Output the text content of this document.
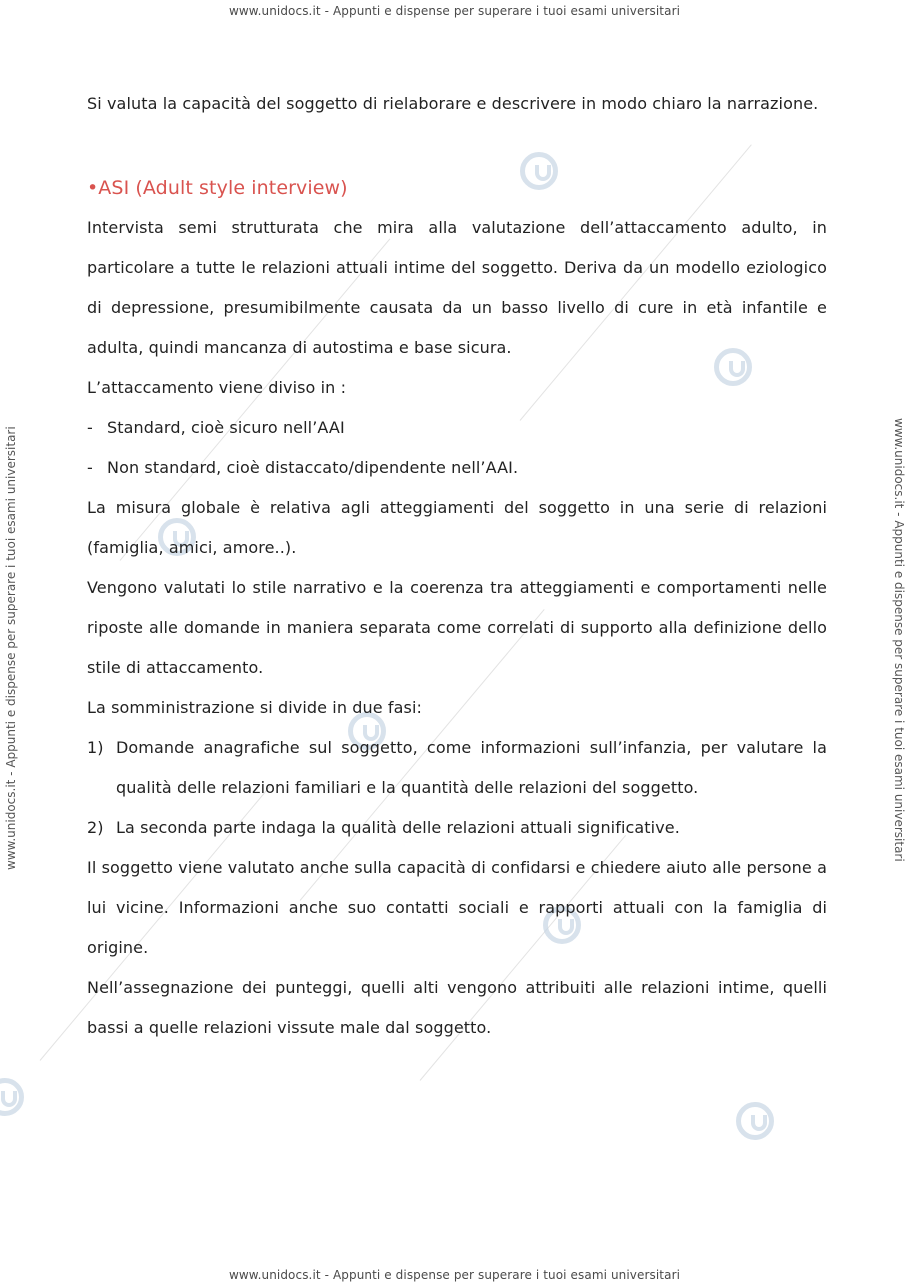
www.unidocs.it - Appunti e dispense per superare i tuoi esami universitari
www.unidocs.it - Appunti e dispense per superare i tuoi esami universitari
www.unidocs.it - Appunti e dispense per superare i tuoi esami universitari	www.unidocs.it - Appunti e dispense per superare i tuoi esami universitari

Si valuta la capacità del soggetto di rielaborare e descrivere in modo chiaro la narrazione.

•ASI (Adult style interview)

Intervista semi strutturata che mira alla valutazione dell’attaccamento adulto, in particolare a tutte le relazioni attuali intime del soggetto. Deriva da un modello eziologico di depressione, presumibilmente causata da un basso livello di cure in età infantile e adulta, quindi mancanza di autostima e base sicura.

L’attaccamento viene diviso in :

- Standard, cioè sicuro nell’AAI
- Non standard, cioè distaccato/dipendente nell’AAI.

La misura globale è relativa agli atteggiamenti del soggetto in una serie di relazioni (famiglia, amici, amore..).

Vengono valutati lo stile narrativo e la coerenza tra atteggiamenti e comportamenti nelle riposte alle domande in maniera separata come correlati di supporto alla definizione dello stile di attaccamento.

La somministrazione si divide in due fasi:

1) Domande anagrafiche sul soggetto, come informazioni sull’infanzia, per valutare la qualità delle relazioni familiari e la quantità delle relazioni del soggetto.
2) La seconda parte indaga la qualità delle relazioni attuali significative.

Il soggetto viene valutato anche sulla capacità di confidarsi e chiedere aiuto alle persone a lui vicine. Informazioni anche suo contatti sociali e rapporti attuali con la famiglia di origine.

Nell’assegnazione dei punteggi, quelli alti vengono attribuiti alle relazioni intime, quelli bassi a quelle relazioni vissute male dal soggetto.
